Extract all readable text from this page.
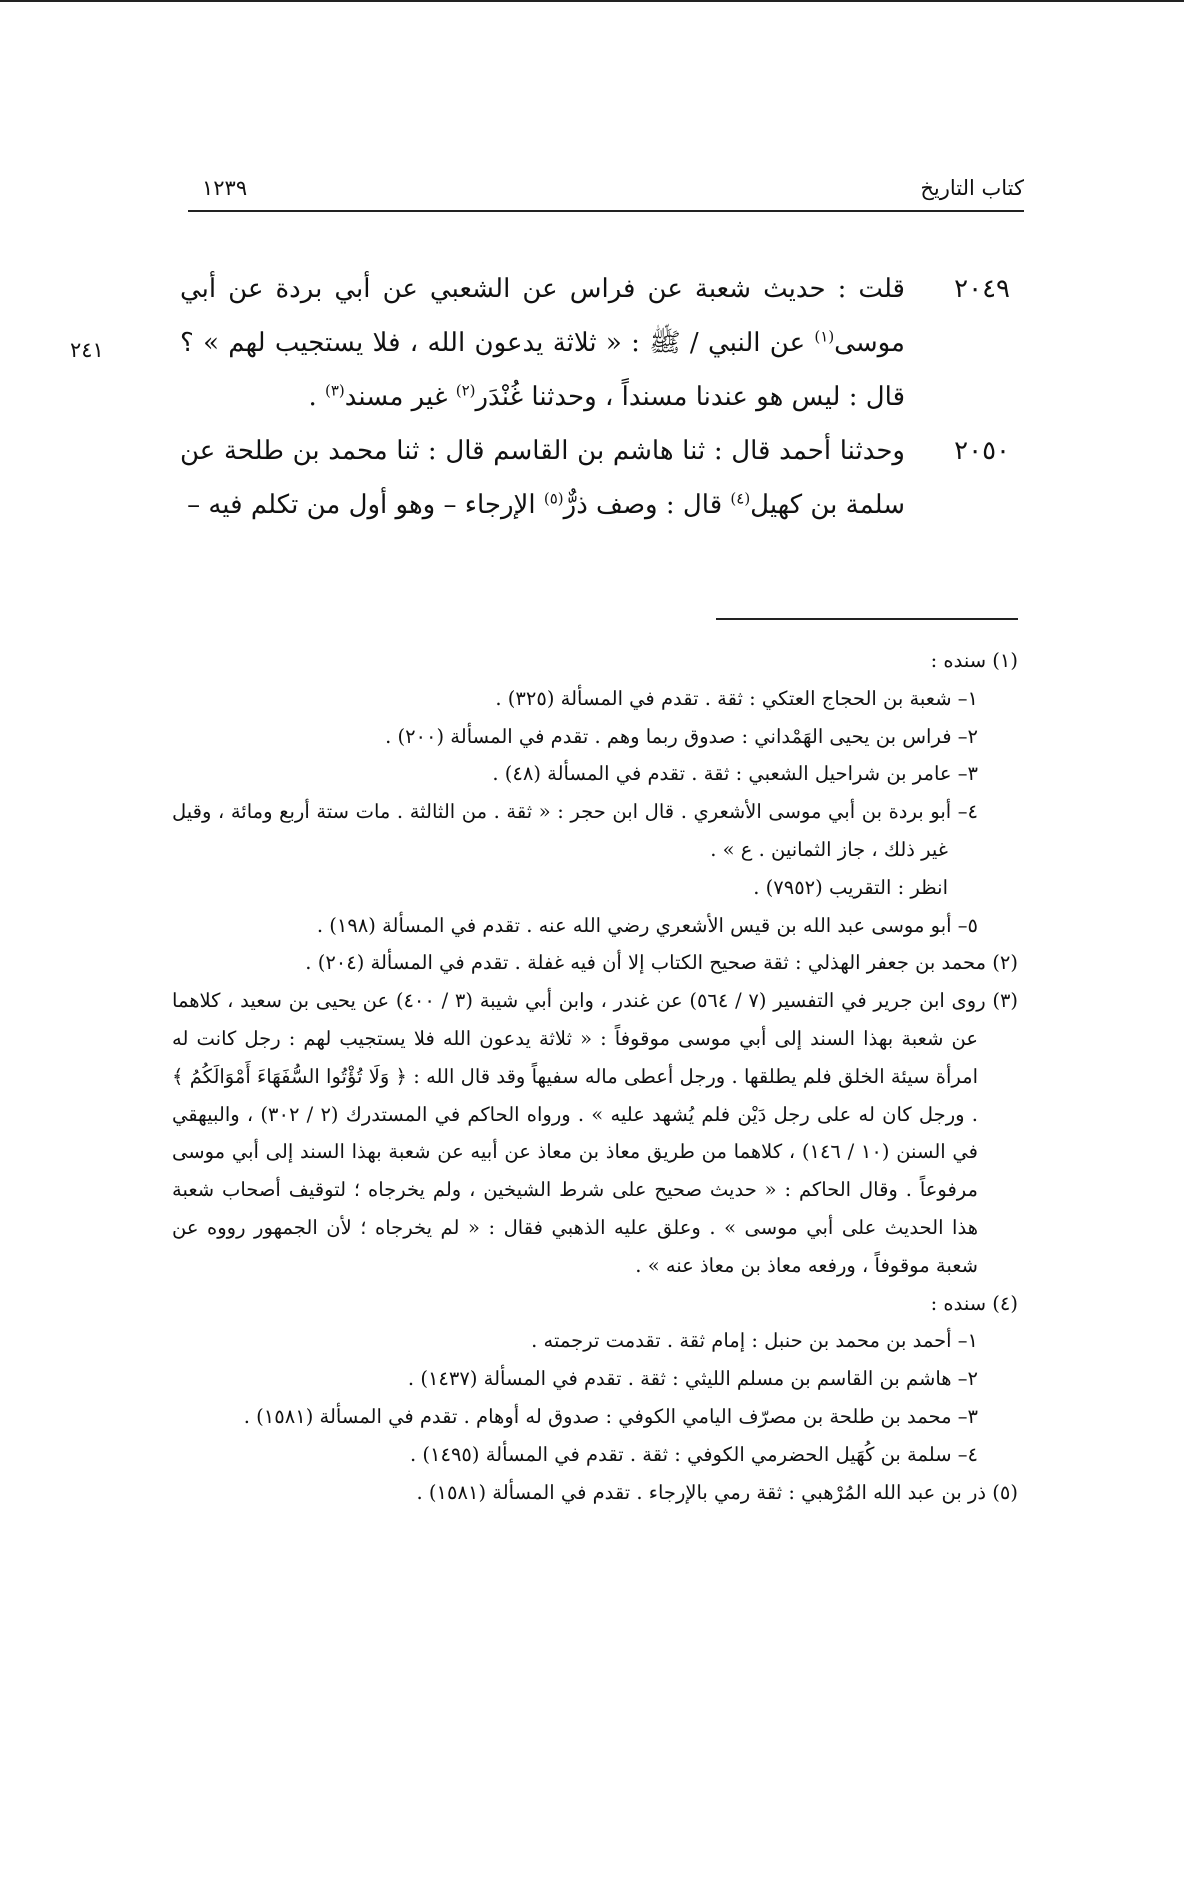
كتاب التاريخ
١٢٣٩
٢٤١
٢٠٤٩
قلت : حديث شعبة عن فراس عن الشعبي عن أبي بردة عن أبي موسى$^{(١)}$ عن النبي / ﷺ : « ثلاثة يدعون الله ، فلا يستجيب لهم » ؟ قال : ليس هو عندنا مسنداً ، وحدثنا غُنْدَر$^{(٢)}$ غير مسند$^{(٣)}$ .
٢٠٥٠
وحدثنا أحمد قال : ثنا هاشم بن القاسم قال : ثنا محمد بن طلحة عن سلمة بن كهيل$^{(٤)}$ قال : وصف ذرٌّ$^{(٥)}$ الإرجاء – وهو أول من تكلم فيه –
(١) سنده :
١– شعبة بن الحجاج العتكي : ثقة . تقدم في المسألة (٣٢٥) .
٢– فراس بن يحيى الهَمْداني : صدوق ربما وهم . تقدم في المسألة (٢٠٠) .
٣– عامر بن شراحيل الشعبي : ثقة . تقدم في المسألة (٤٨) .
٤– أبو بردة بن أبي موسى الأشعري . قال ابن حجر : « ثقة . من الثالثة . مات ستة أربع ومائة ، وقيل غير ذلك ، جاز الثمانين . ع » .
انظر : التقريب (٧٩٥٢) .
٥– أبو موسى عبد الله بن قيس الأشعري رضي الله عنه . تقدم في المسألة (١٩٨) .
(٢) محمد بن جعفر الهذلي : ثقة صحيح الكتاب إلا أن فيه غفلة . تقدم في المسألة (٢٠٤) .
(٣) روى ابن جرير في التفسير (٧ / ٥٦٤) عن غندر ، وابن أبي شيبة (٣ / ٤٠٠) عن يحيى بن سعيد ، كلاهما عن شعبة بهذا السند إلى أبي موسى موقوفاً : « ثلاثة يدعون الله فلا يستجيب لهم : رجل كانت له امرأة سيئة الخلق فلم يطلقها . ورجل أعطى ماله سفيهاً وقد قال الله : ﴿ وَلَا تُؤْتُوا السُّفَهَاءَ أَمْوَالَكُمُ ﴾ . ورجل كان له على رجل دَيْن فلم يُشهد عليه » . ورواه الحاكم في المستدرك (٢ / ٣٠٢) ، والبيهقي في السنن (١٠ / ١٤٦) ، كلاهما من طريق معاذ بن معاذ عن أبيه عن شعبة بهذا السند إلى أبي موسى مرفوعاً . وقال الحاكم : « حديث صحيح على شرط الشيخين ، ولم يخرجاه ؛ لتوقيف أصحاب شعبة هذا الحديث على أبي موسى » . وعلق عليه الذهبي فقال : « لم يخرجاه ؛ لأن الجمهور رووه عن شعبة موقوفاً ، ورفعه معاذ بن معاذ عنه » .
(٤) سنده :
١– أحمد بن محمد بن حنبل : إمام ثقة . تقدمت ترجمته .
٢– هاشم بن القاسم بن مسلم الليثي : ثقة . تقدم في المسألة (١٤٣٧) .
٣– محمد بن طلحة بن مصرّف اليامي الكوفي : صدوق له أوهام . تقدم في المسألة (١٥٨١) .
٤– سلمة بن كُهَيل الحضرمي الكوفي : ثقة . تقدم في المسألة (١٤٩٥) .
(٥) ذر بن عبد الله المُرْهبي : ثقة رمي بالإرجاء . تقدم في المسألة (١٥٨١) .
